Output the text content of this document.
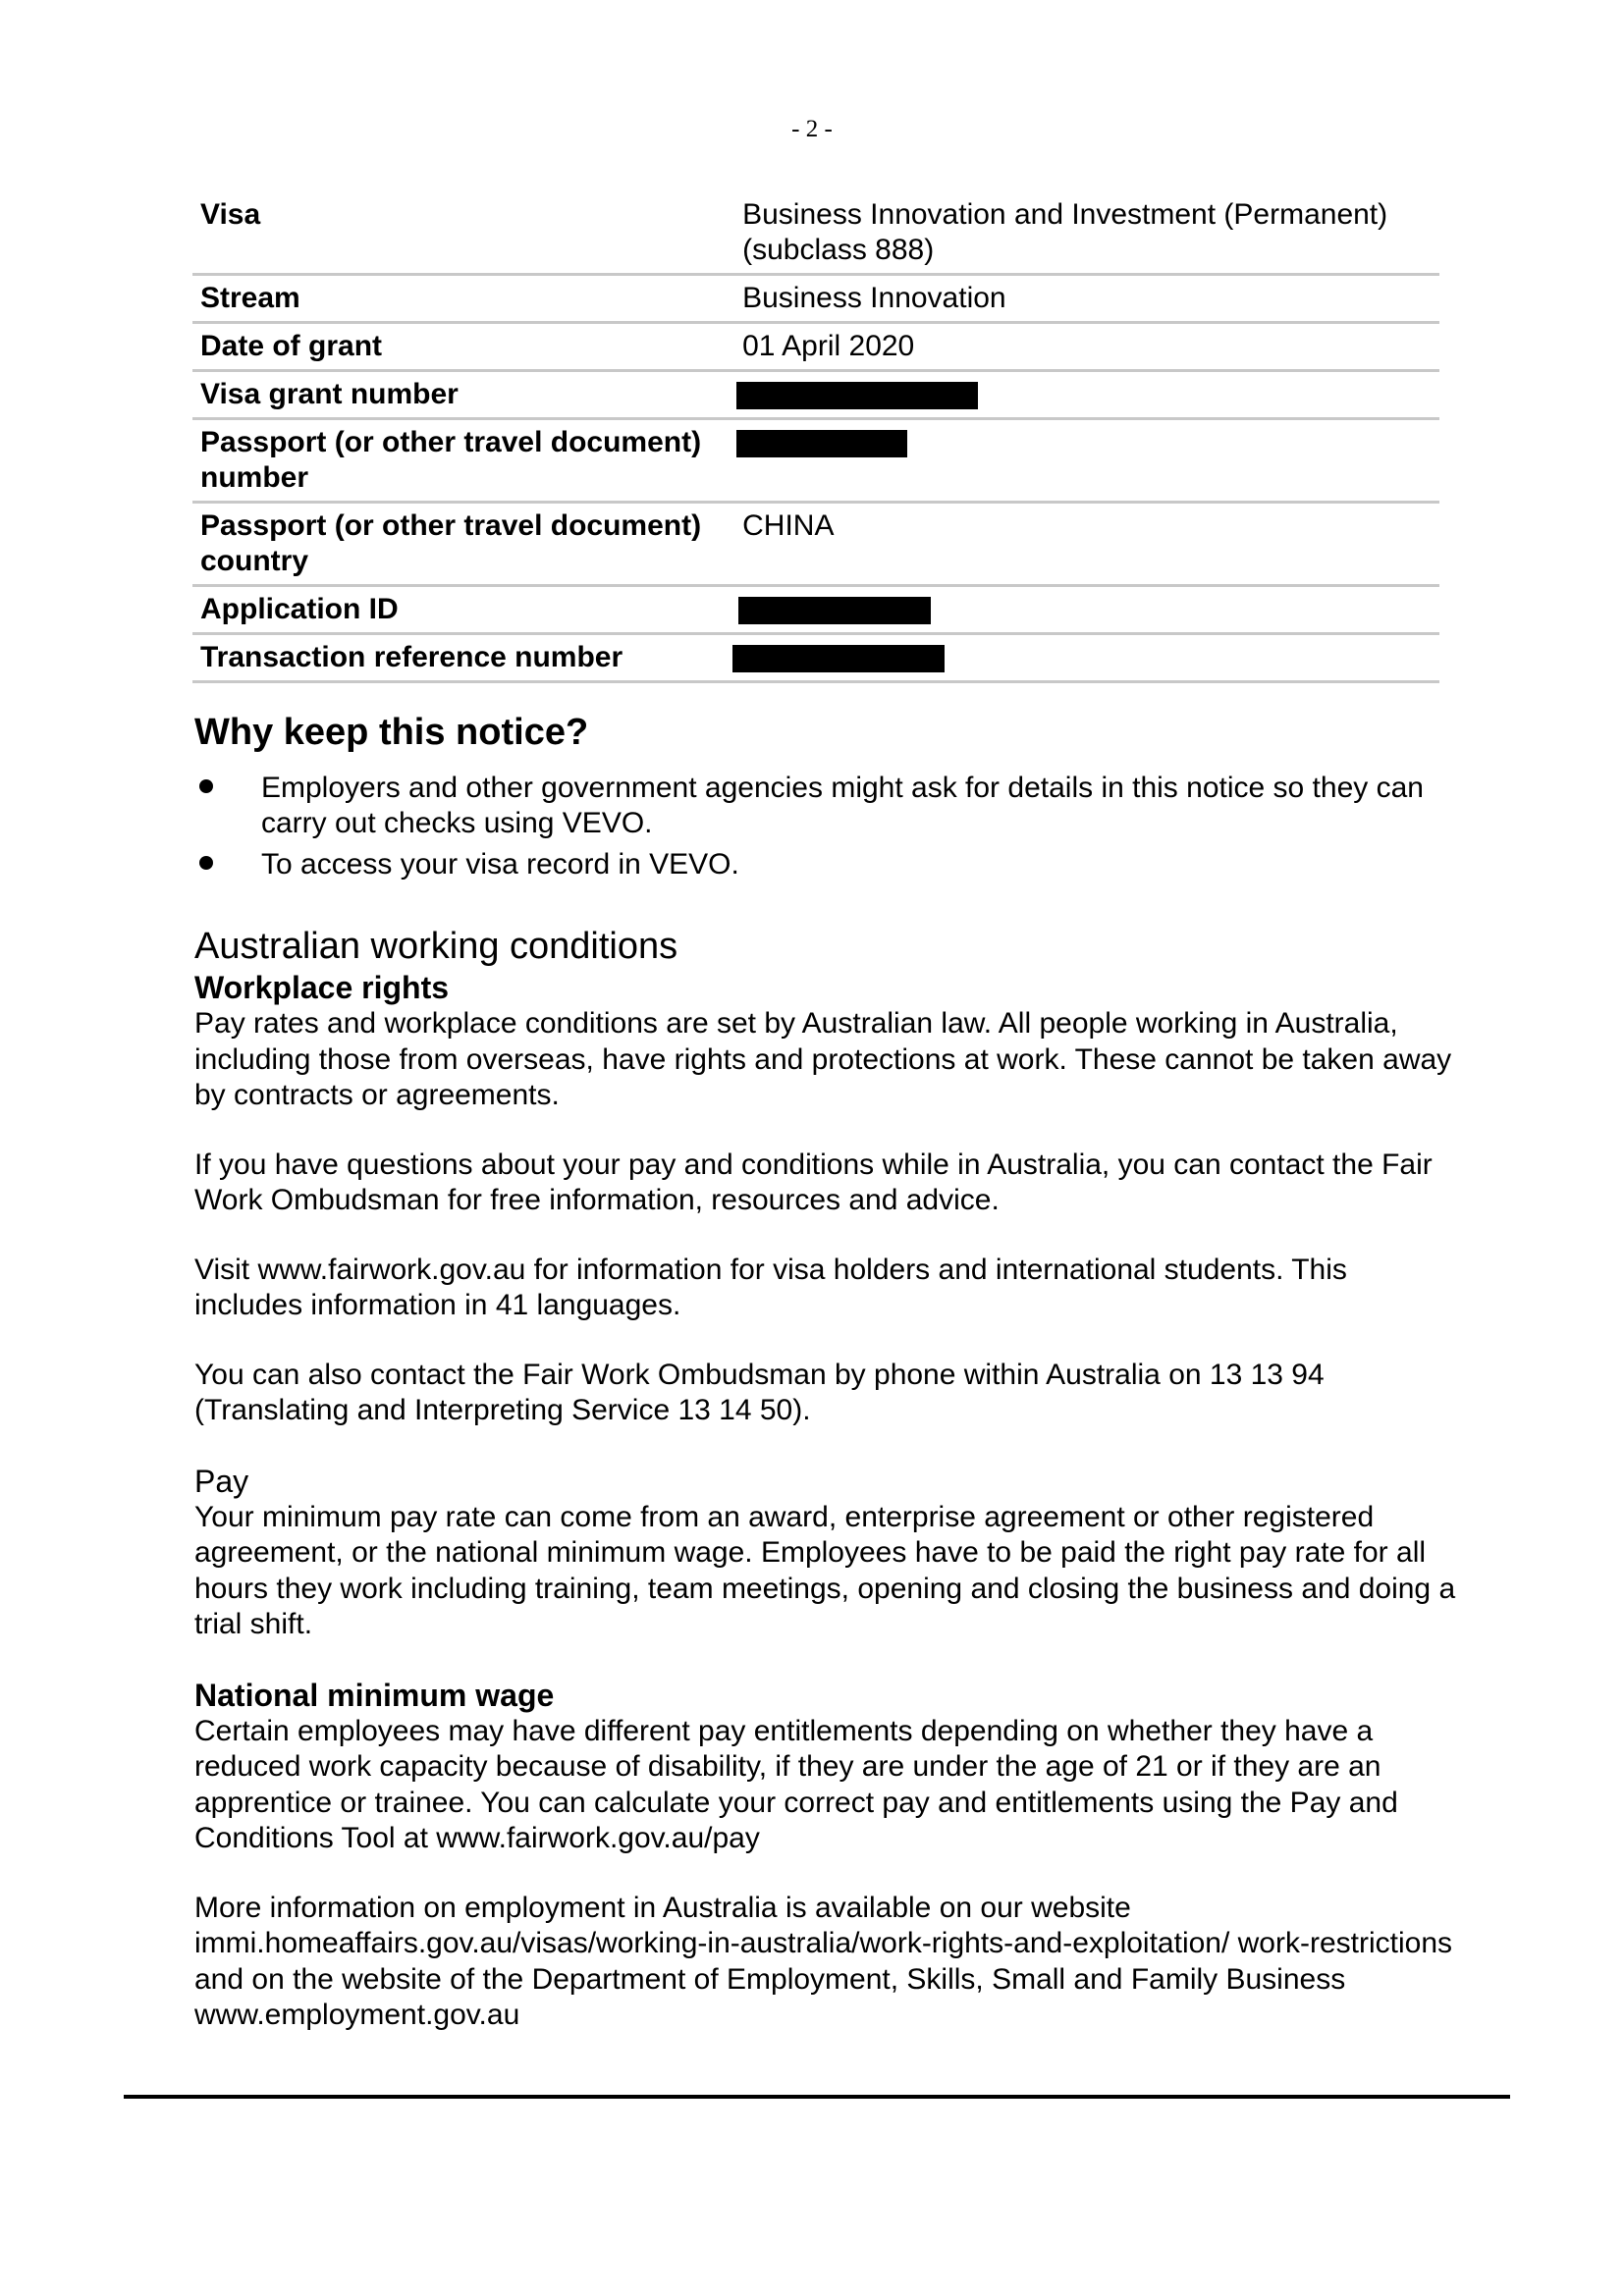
- 2 -
Visa	Business Innovation and Investment (Permanent) (subclass 888)
Stream	Business Innovation
Date of grant	01 April 2020
Visa grant number	
Passport (or other travel document) number	
Passport (or other travel document) country	CHINA
Application ID	
Transaction reference number	
Why keep this notice?
Employers and other government agencies might ask for details in this notice so they can carry out checks using VEVO.
To access your visa record in VEVO.
Australian working conditions
Workplace rights

Pay rates and workplace conditions are set by Australian law. All people working in Australia, including those from overseas, have rights and protections at work. These cannot be taken away by contracts or agreements.

If you have questions about your pay and conditions while in Australia, you can contact the Fair Work Ombudsman for free information, resources and advice.

Visit www.fairwork.gov.au for information for visa holders and international students. This includes information in 41 languages.

You can also contact the Fair Work Ombudsman by phone within Australia on 13 13 94 (Translating and Interpreting Service 13 14 50).

Pay

Your minimum pay rate can come from an award, enterprise agreement or other registered agreement, or the national minimum wage. Employees have to be paid the right pay rate for all hours they work including training, team meetings, opening and closing the business and doing a trial shift.

National minimum wage

Certain employees may have different pay entitlements depending on whether they have a reduced work capacity because of disability, if they are under the age of 21 or if they are an apprentice or trainee. You can calculate your correct pay and entitlements using the Pay and Conditions Tool at www.fairwork.gov.au/pay

More information on employment in Australia is available on our website immi.homeaffairs.gov.au/visas/working-in-australia/work-rights-and-exploitation/ work-restrictions and on the website of the Department of Employment, Skills, Small and Family Business www.employment.gov.au
